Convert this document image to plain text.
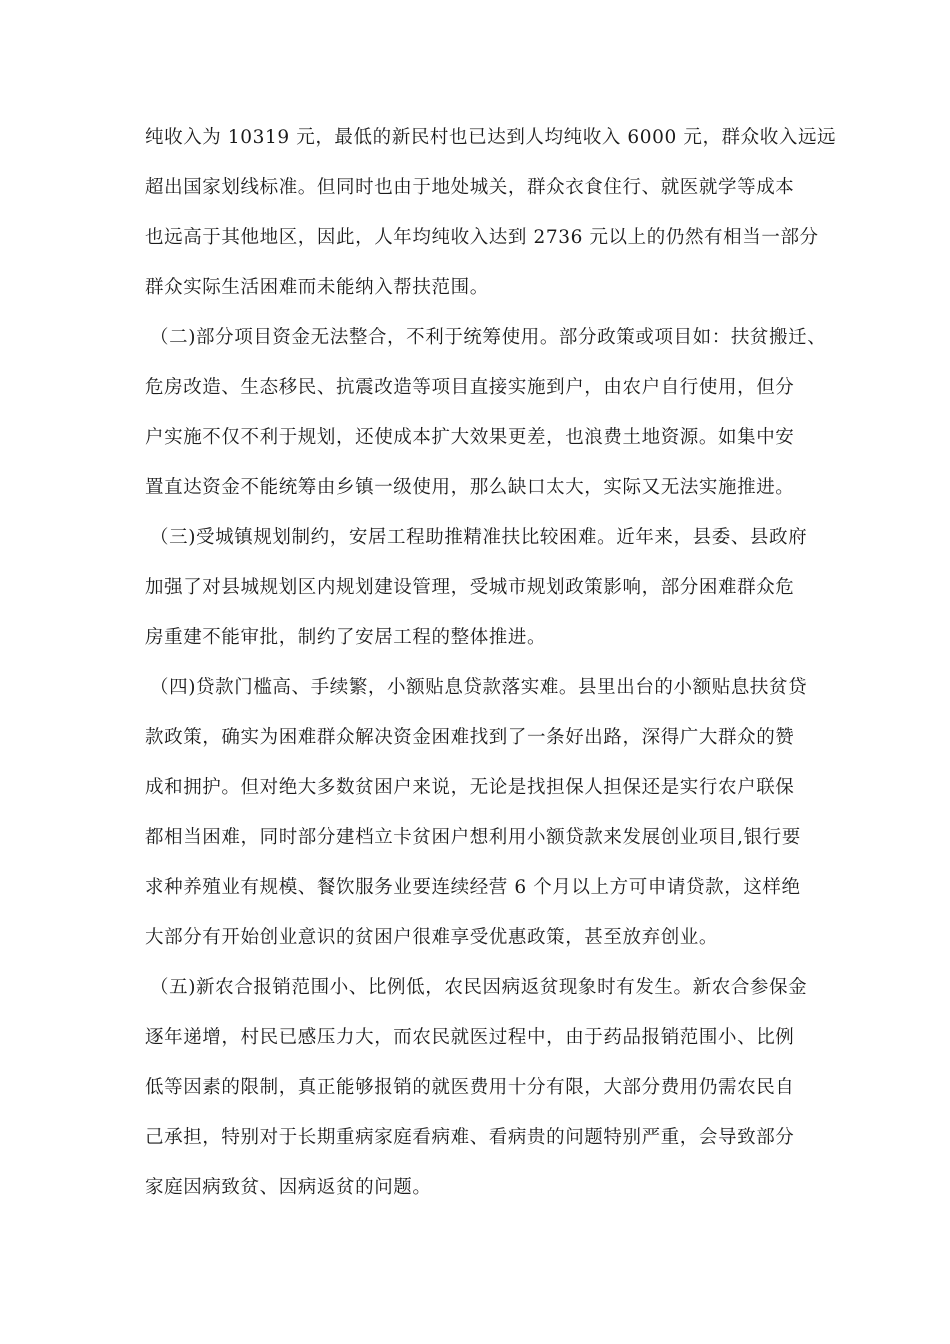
纯收入为 10319 元，最低的新民村也已达到人均纯收入 6000 元，群众收入远远
超出国家划线标准。但同时也由于地处城关，群众衣食住行、就医就学等成本
也远高于其他地区，因此，人年均纯收入达到 2736 元以上的仍然有相当一部分
群众实际生活困难而未能纳入帮扶范围。
（二)部分项目资金无法整合，不利于统筹使用。部分政策或项目如：扶贫搬迁、
危房改造、生态移民、抗震改造等项目直接实施到户，由农户自行使用，但分
户实施不仅不利于规划，还使成本扩大效果更差，也浪费土地资源。如集中安
置直达资金不能统筹由乡镇一级使用，那么缺口太大，实际又无法实施推进。
（三)受城镇规划制约，安居工程助推精准扶比较困难。近年来，县委、县政府
加强了对县城规划区内规划建设管理，受城市规划政策影响，部分困难群众危
房重建不能审批，制约了安居工程的整体推进。
（四)贷款门槛高、手续繁，小额贴息贷款落实难。县里出台的小额贴息扶贫贷
款政策，确实为困难群众解决资金困难找到了一条好出路，深得广大群众的赞
成和拥护。但对绝大多数贫困户来说，无论是找担保人担保还是实行农户联保
都相当困难，同时部分建档立卡贫困户想利用小额贷款来发展创业项目,银行要
求种养殖业有规模、餐饮服务业要连续经营 6 个月以上方可申请贷款，这样绝
大部分有开始创业意识的贫困户很难享受优惠政策，甚至放弃创业。
（五)新农合报销范围小、比例低，农民因病返贫现象时有发生。新农合参保金
逐年递增，村民已感压力大，而农民就医过程中，由于药品报销范围小、比例
低等因素的限制，真正能够报销的就医费用十分有限，大部分费用仍需农民自
己承担，特别对于长期重病家庭看病难、看病贵的问题特别严重，会导致部分
家庭因病致贫、因病返贫的问题。
